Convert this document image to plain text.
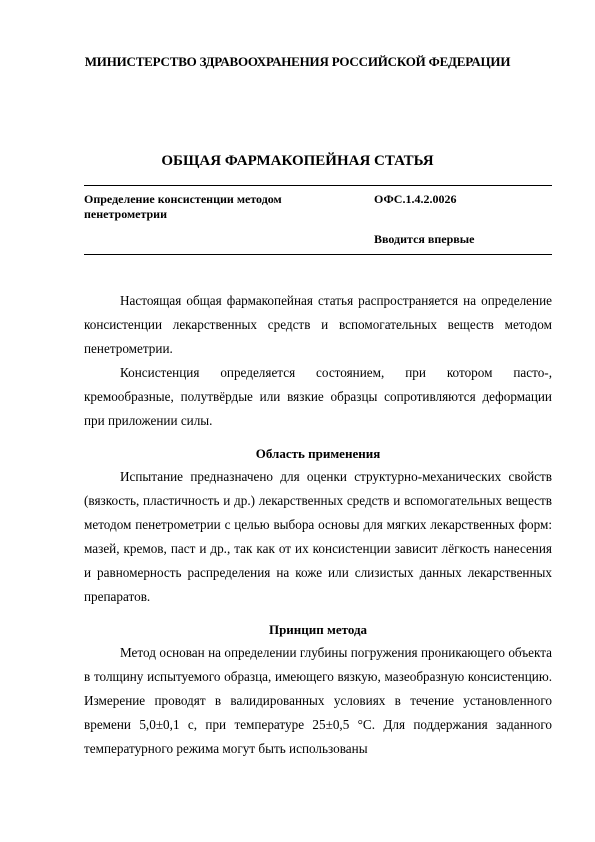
МИНИСТЕРСТВО ЗДРАВООХРАНЕНИЯ РОССИЙСКОЙ ФЕДЕРАЦИИ
ОБЩАЯ ФАРМАКОПЕЙНАЯ СТАТЬЯ
Определение консистенции методом пенетрометрии
ОФС.1.4.2.0026
Вводится впервые

Настоящая общая фармакопейная статья распространяется на определение консистенции лекарственных средств и вспомогательных веществ методом пенетрометрии.

Консистенция определяется состоянием, при котором пасто-, кремообразные, полутвёрдые или вязкие образцы сопротивляются деформации при приложении силы.

Область применения

Испытание предназначено для оценки структурно-механических свойств (вязкость, пластичность и др.) лекарственных средств и вспомогательных веществ методом пенетрометрии с целью выбора основы для мягких лекарственных форм: мазей, кремов, паст и др., так как от их консистенции зависит лёгкость нанесения и равномерность распределения на коже или слизистых данных лекарственных препаратов.

Принцип метода

Метод основан на определении глубины погружения проникающего объекта в толщину испытуемого образца, имеющего вязкую, мазеобразную консистенцию. Измерение проводят в валидированных условиях в течение установленного времени 5,0±0,1 с, при температуре 25±0,5 °С. Для поддержания заданного температурного режима могут быть использованы
